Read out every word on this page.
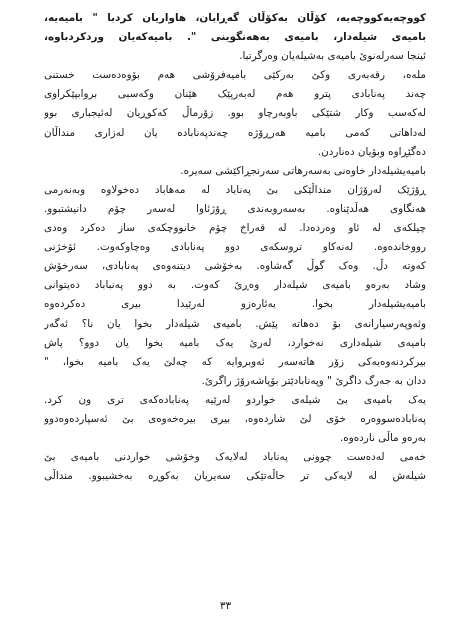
کووچەیەکووچەیە، کۆڵان بەکۆڵان گەڕابان، هاواریان کردبا " بامیەیە،
بامیەی شیلەدار، بامیەی بەهەنگوینی ". بامیەکەیان وردکردباوە،
ئینجا سەرلەنوێ بامیەی بەشیلەیان وەرگرتبا.
ملەە، رقەبەری وکێ بەرکێی بامیەفرۆشی هەم بۆوەدەست خستنی
چەند پەنابادی پترو هەم لەبەرپێک هێنان وکەسبی بروابپێکراوی
لەکەسب وکار شتێکی باوبەرچاو بوو. زۆرماڵ کەکوڕیان لەئیجباری بوو
لەداهاتی کەمی بامیە هەرڕۆژە چەندپەنابادە یان لەزاری منداڵان
دەگێڕاوە وبۆیان دەناردن.
بامیەیشیلەدار خاوەنی بەسەرهاتی سەرنجڕاکێشی سەیرە.
ڕۆژێک لەرۆژان منداڵێکی بێ پەناباد لە مەهاباد دەخولاوە وبەنەرمی
هەنگاوی هەڵدێناوە. بەسەروبەندی ڕۆژئاوا لەسەر چۆم دانیشتبوو.
چیلکەی لە ئاو وەردەدا. لە قەراخ چۆم خانووچکەی ساز دەکرد وەدی
رووخاندەوە. لەنەکاو تروسکەی دوو پەنابادی وەچاوکەوت. ئۆخژنی
کەوتە دڵ. وەک گوڵ گەشاوە. بەخۆشی دیتنەوەی پەنابادی، سەرخۆش
وشاد بەرەو بامیەی شیلەدار وەڕێ کەوت. بە دوو پەنباباد دەیتوانی
بامیەیشیلەدار بخوا. بەئارەزو لەرێیدا بیری دەکردەوە
وئەوپەرسیارانەی بۆ دەهاتە پێش. بامیەی شیلەدار بخوا یان نا؟ ئەگەر
بامیەی شیلەداری نەخوارد، لەرێ یەک بامیە بخوا یان دوو؟ پاش
بیرکردنەوەیەکی زۆر هاتەسەر ئەوبروایە کە چەلێ یەک بامیە بخوا، "
ددان بە جەرگ داگرێ " وپەنابادێتر بۆپاشەرۆژ راگرێ.
یەک بامیەی بێ شیلەی خواردو لەرێیە پەنابادەکەی تری ون کرد.
پەنابادەسووەرە خۆی لێ شاردەوە، بیری بیرەخەوەی بێ ئەسپاردەوەدوو
بەرەو ماڵی ناردەوە.
خەمی لەدەست چوونی پەناباد لەلایەک وخۆشی خواردنی بامیەی بێ
شیلەش لە لایەکی تر حاڵەتێکی سەیریان بەکوڕە بەخشیبوو. منداڵی
٣٣
